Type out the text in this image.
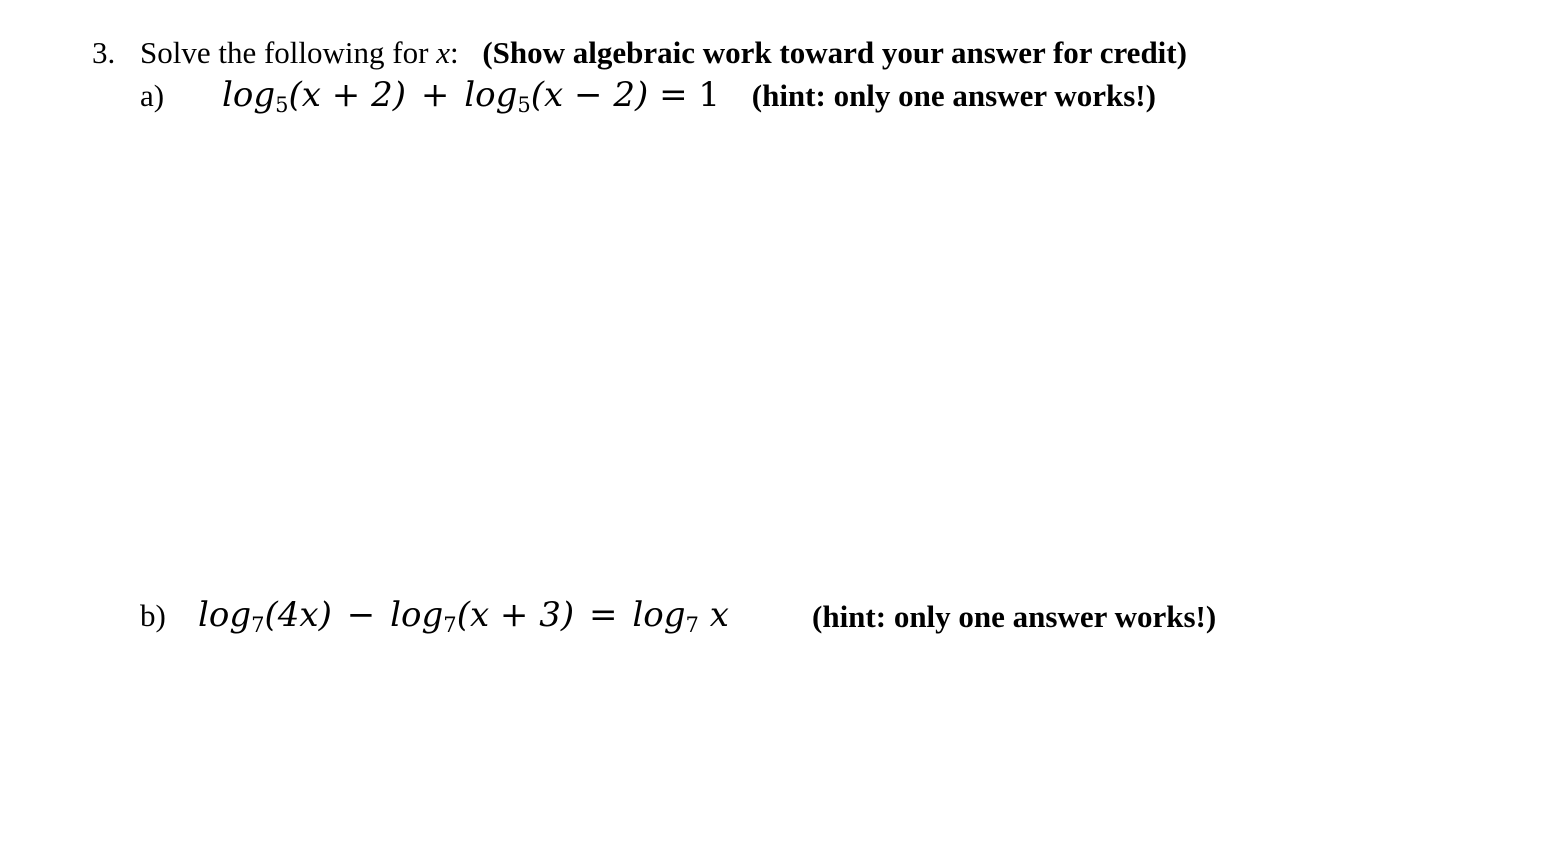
3. Solve the following for x: (Show algebraic work toward your answer for credit)
a) log5(x + 2) + log5(x − 2) = 1 (hint: only one answer works!)
b) log7(4x) − log7(x + 3) = log7 x	(hint: only one answer works!)
